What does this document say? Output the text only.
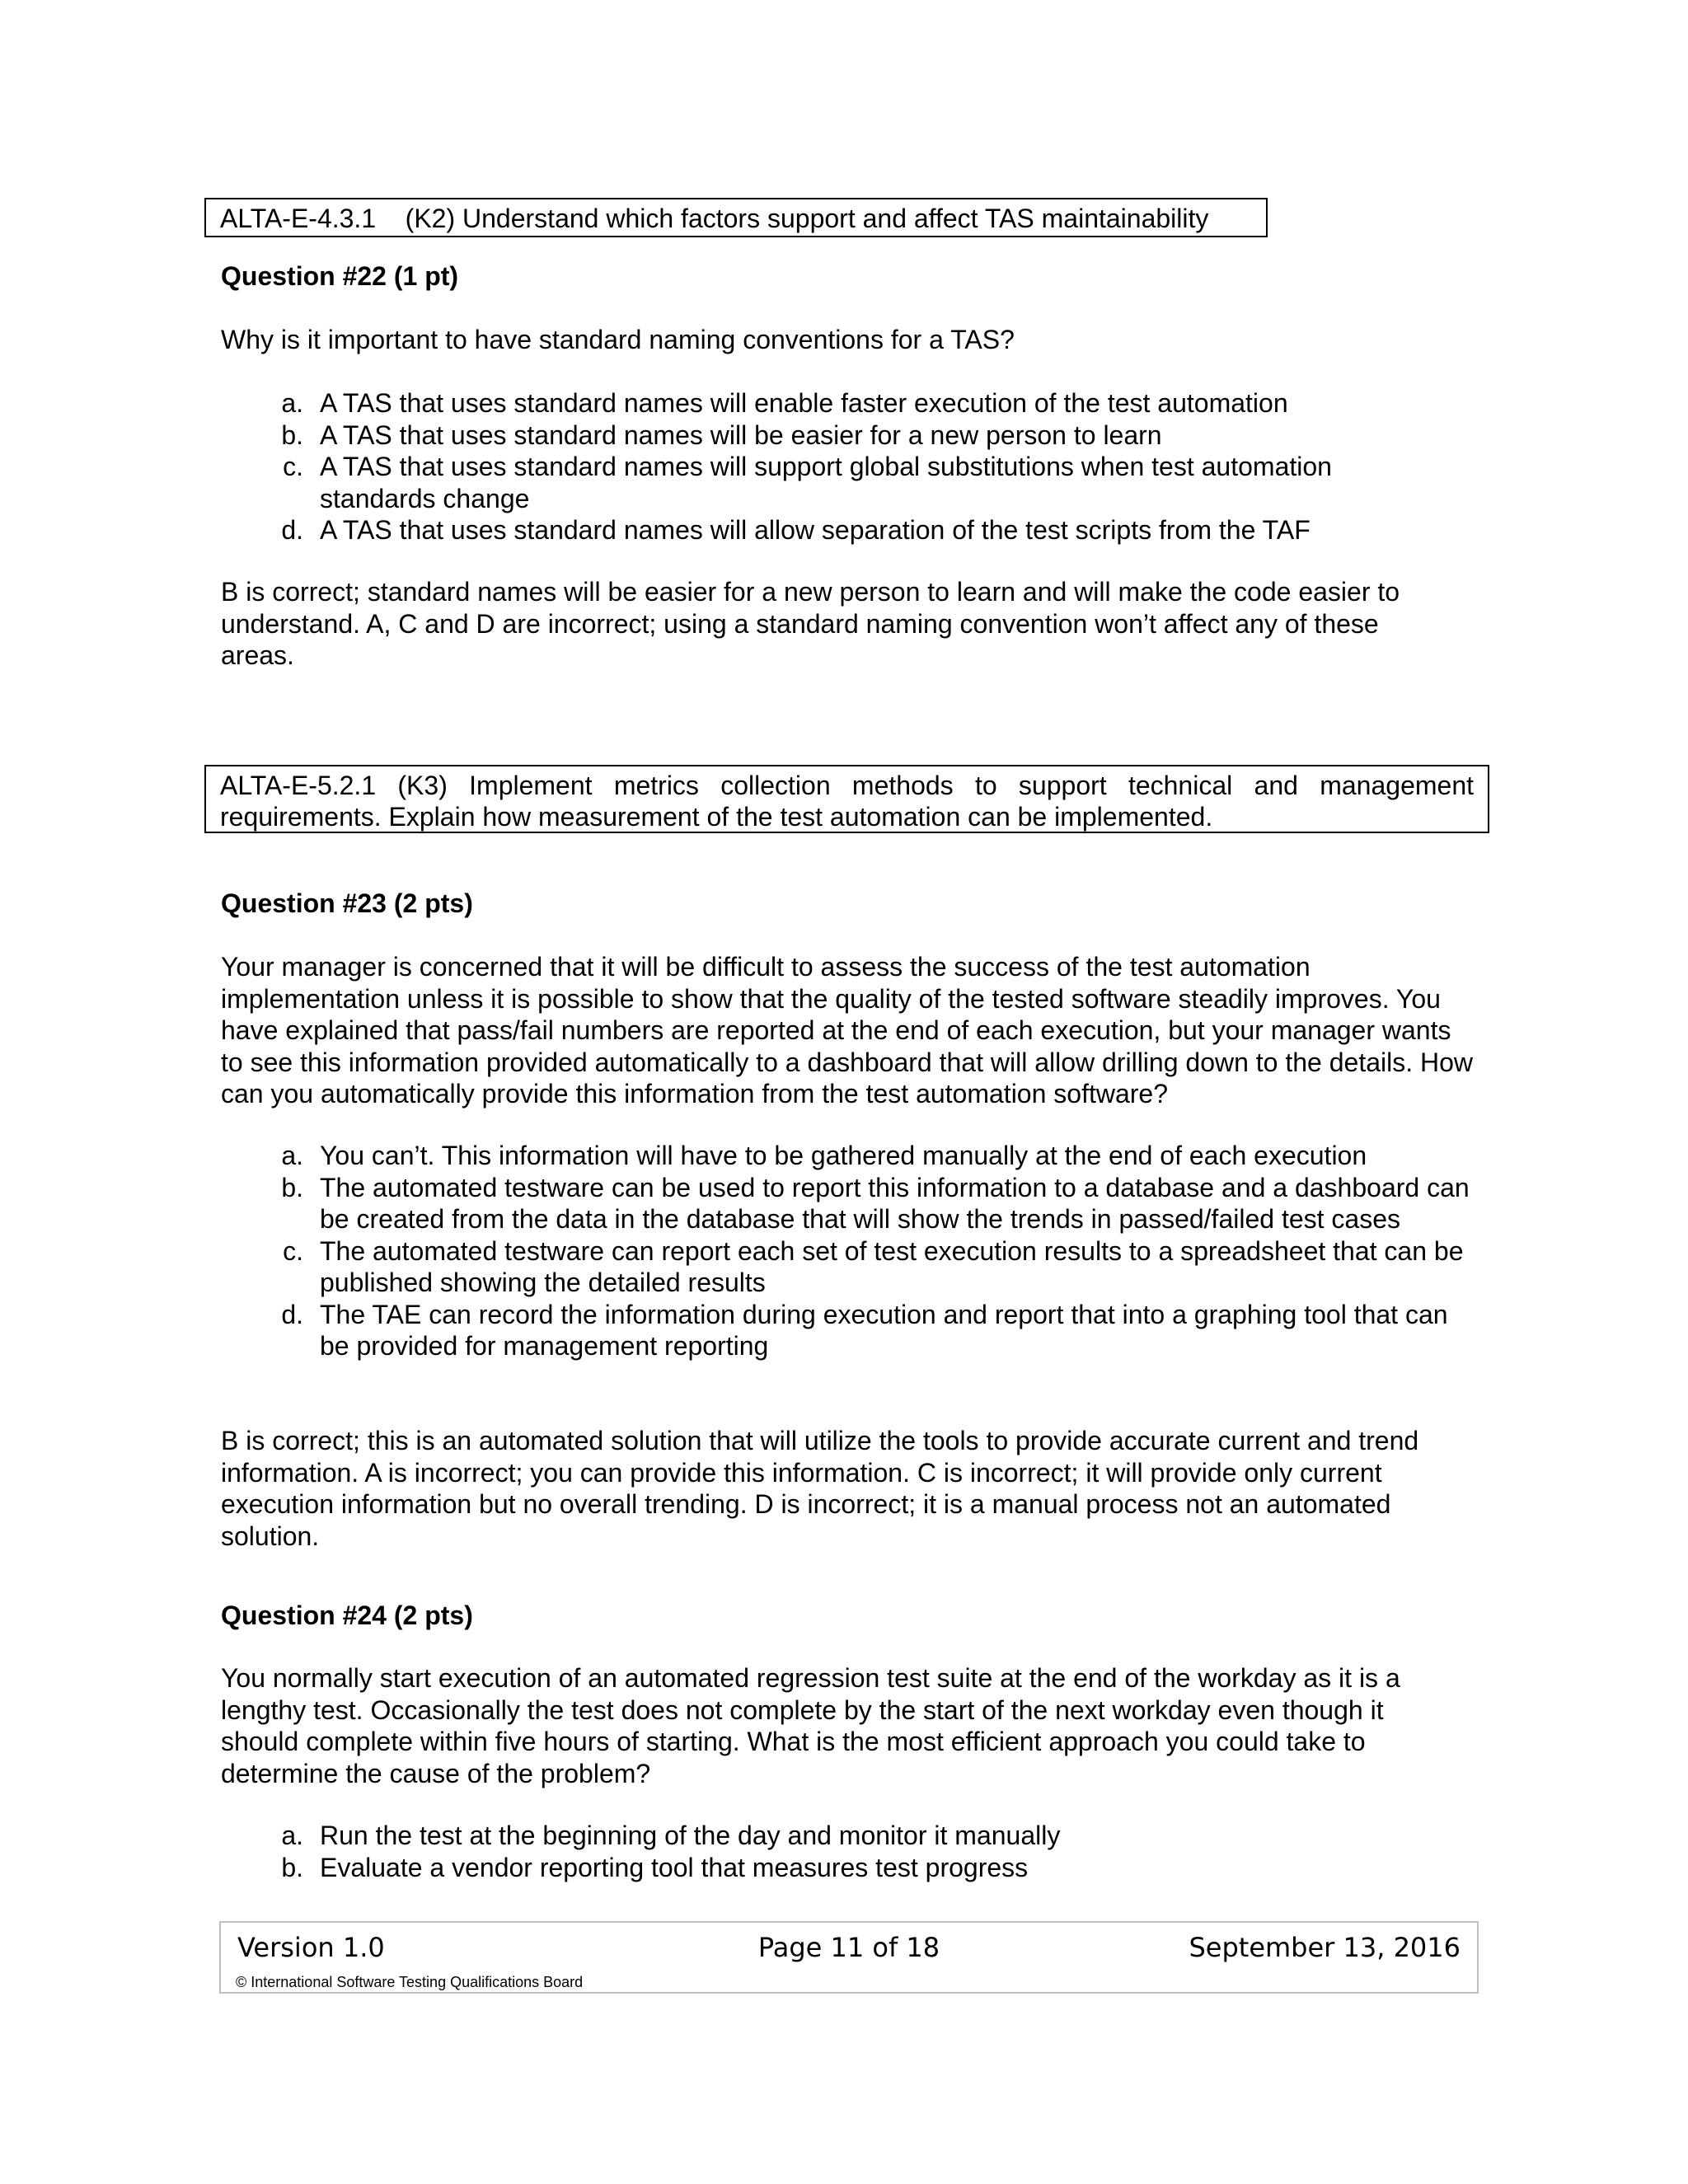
ALTA-E-4.3.1 (K2) Understand which factors support and affect TAS maintainability

Question #22 (1 pt)

Why is it important to have standard naming conventions for a TAS?

a. A TAS that uses standard names will enable faster execution of the test automation
b. A TAS that uses standard names will be easier for a new person to learn
c. A TAS that uses standard names will support global substitutions when test automation standards change
d. A TAS that uses standard names will allow separation of the test scripts from the TAF

B is correct; standard names will be easier for a new person to learn and will make the code easier to understand. A, C and D are incorrect; using a standard naming convention won’t affect any of these areas.

ALTA-E-5.2.1 (K3) Implement metrics collection methods to support technical and management
requirements. Explain how measurement of the test automation can be implemented.

Question #23 (2 pts)

Your manager is concerned that it will be difficult to assess the success of the test automation implementation unless it is possible to show that the quality of the tested software steadily improves. You have explained that pass/fail numbers are reported at the end of each execution, but your manager wants to see this information provided automatically to a dashboard that will allow drilling down to the details. How can you automatically provide this information from the test automation software?

a. You can’t. This information will have to be gathered manually at the end of each execution
b. The automated testware can be used to report this information to a database and a dashboard can be created from the data in the database that will show the trends in passed/failed test cases
c. The automated testware can report each set of test execution results to a spreadsheet that can be published showing the detailed results
d. The TAE can record the information during execution and report that into a graphing tool that can be provided for management reporting

B is correct; this is an automated solution that will utilize the tools to provide accurate current and trend information. A is incorrect; you can provide this information. C is incorrect; it will provide only current execution information but no overall trending. D is incorrect; it is a manual process not an automated solution.

Question #24 (2 pts)

You normally start execution of an automated regression test suite at the end of the workday as it is a lengthy test. Occasionally the test does not complete by the start of the next workday even though it should complete within five hours of starting. What is the most efficient approach you could take to determine the cause of the problem?

a. Run the test at the beginning of the day and monitor it manually
b. Evaluate a vendor reporting tool that measures test progress
Version 1.0	Page 11 of 18	September 13, 2016
© International Software Testing Qualifications Board
